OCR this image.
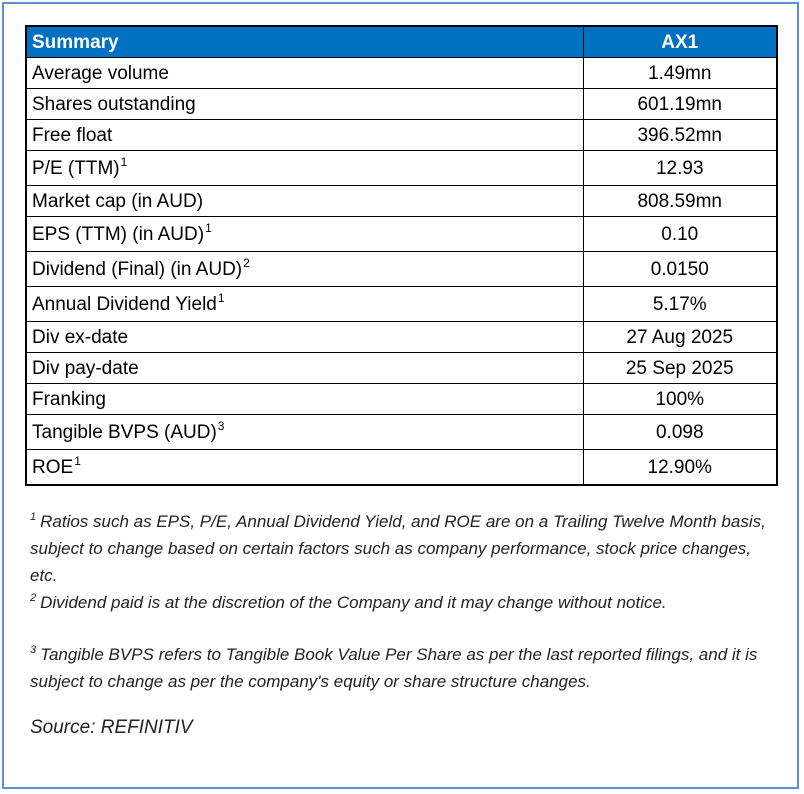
Summary	AX1
Average volume	1.49mn
Shares outstanding	601.19mn
Free float	396.52mn
P/E (TTM)$^1$	12.93
Market cap (in AUD)	808.59mn
EPS (TTM) (in AUD)$^1$	0.10
Dividend (Final) (in AUD)$^2$	0.0150
Annual Dividend Yield$^1$	5.17%
Div ex-date	27 Aug 2025
Div pay-date	25 Sep 2025
Franking	100%
Tangible BVPS (AUD)$^3$	0.098
ROE$^1$	12.90%

$^1$ Ratios such as EPS, P/E, Annual Dividend Yield, and ROE are on a Trailing Twelve Month basis, subject to change based on certain factors such as company performance, stock price changes, etc.

$^2$ Dividend paid is at the discretion of the Company and it may change without notice.

$^3$ Tangible BVPS refers to Tangible Book Value Per Share as per the last reported filings, and it is subject to change as per the company's equity or share structure changes.

Source: REFINITIV
